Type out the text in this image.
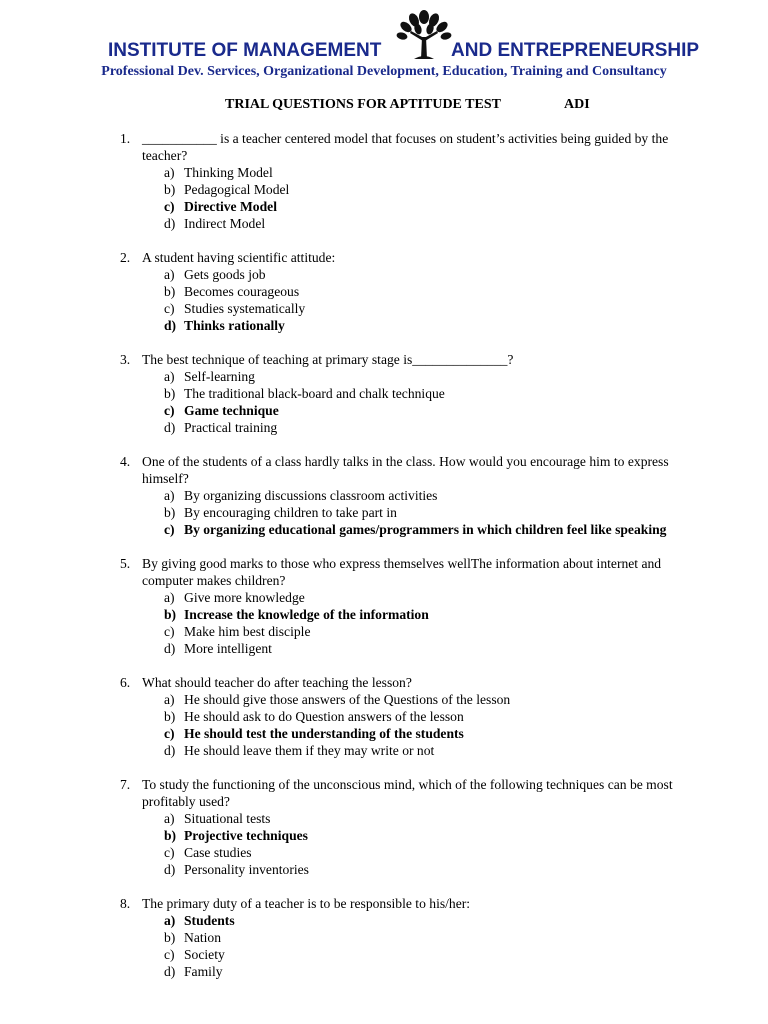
INSTITUTE OF MANAGEMENT	AND ENTREPRENEURSHIP
Professional Dev. Services, Organizational Development, Education, Training and Consultancy
TRIAL QUESTIONS FOR APTITUDE TEST	ADI
1. ___________ is a teacher centered model that focuses on student’s activities being guided by the teacher?
a) Thinking Model
b) Pedagogical Model
c) Directive Model
d) Indirect Model
2. A student having scientific attitude:
a) Gets goods job
b) Becomes courageous
c) Studies systematically
d) Thinks rationally
3. The best technique of teaching at primary stage is______________?
a) Self-learning
b) The traditional black-board and chalk technique
c) Game technique
d) Practical training
4. One of the students of a class hardly talks in the class. How would you encourage him to express himself?
a) By organizing discussions classroom activities
b) By encouraging children to take part in
c) By organizing educational games/programmers in which children feel like speaking
5. By giving good marks to those who express themselves wellThe information about internet and computer makes children?
a) Give more knowledge
b) Increase the knowledge of the information
c) Make him best disciple
d) More intelligent
6. What should teacher do after teaching the lesson?
a) He should give those answers of the Questions of the lesson
b) He should ask to do Question answers of the lesson
c) He should test the understanding of the students
d) He should leave them if they may write or not
7. To study the functioning of the unconscious mind, which of the following techniques can be most profitably used?
a) Situational tests
b) Projective techniques
c) Case studies
d) Personality inventories
8. The primary duty of a teacher is to be responsible to his/her:
a) Students
b) Nation
c) Society
d) Family
